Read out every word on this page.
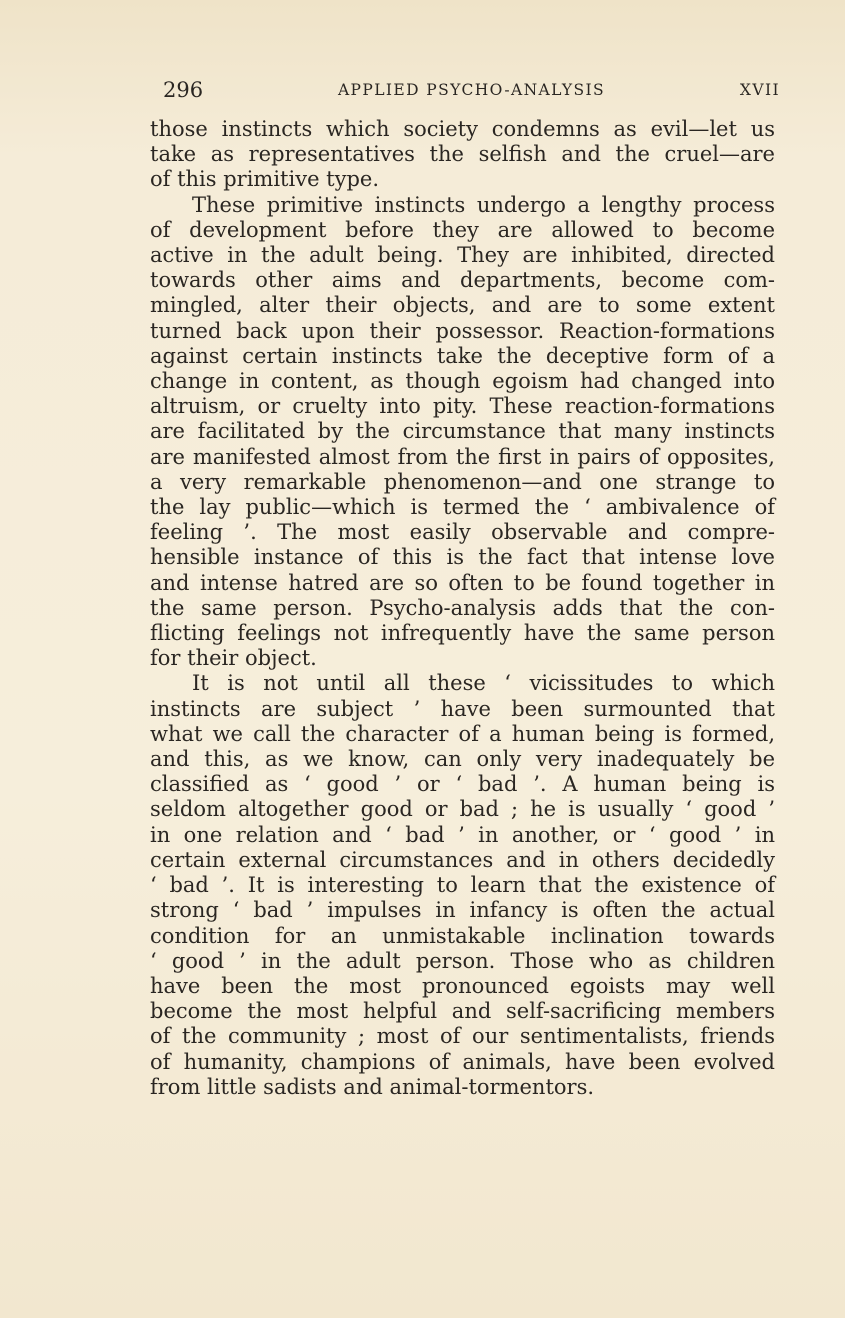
296	APPLIED PSYCHO-ANALYSIS	XVII

those instincts which society condemns as evil—let us
take as representatives the selfish and the cruel—are
of this primitive type.

These primitive instincts undergo a lengthy process
of development before they are allowed to become
active in the adult being. They are inhibited, directed
towards other aims and departments, become com-
mingled, alter their objects, and are to some extent
turned back upon their possessor. Reaction-formations
against certain instincts take the deceptive form of a
change in content, as though egoism had changed into
altruism, or cruelty into pity. These reaction-formations
are facilitated by the circumstance that many instincts
are manifested almost from the first in pairs of opposites,
a very remarkable phenomenon—and one strange to
the lay public—which is termed the ‘ ambivalence of
feeling ’. The most easily observable and compre-
hensible instance of this is the fact that intense love
and intense hatred are so often to be found together in
the same person. Psycho-analysis adds that the con-
flicting feelings not infrequently have the same person
for their object.

It is not until all these ‘ vicissitudes to which
instincts are subject ’ have been surmounted that
what we call the character of a human being is formed,
and this, as we know, can only very inadequately be
classified as ‘ good ’ or ‘ bad ’. A human being is
seldom altogether good or bad ; he is usually ‘ good ’
in one relation and ‘ bad ’ in another, or ‘ good ’ in
certain external circumstances and in others decidedly
‘ bad ’. It is interesting to learn that the existence of
strong ‘ bad ’ impulses in infancy is often the actual
condition for an unmistakable inclination towards
‘ good ’ in the adult person. Those who as children
have been the most pronounced egoists may well
become the most helpful and self-sacrificing members
of the community ; most of our sentimentalists, friends
of humanity, champions of animals, have been evolved
from little sadists and animal-tormentors.
